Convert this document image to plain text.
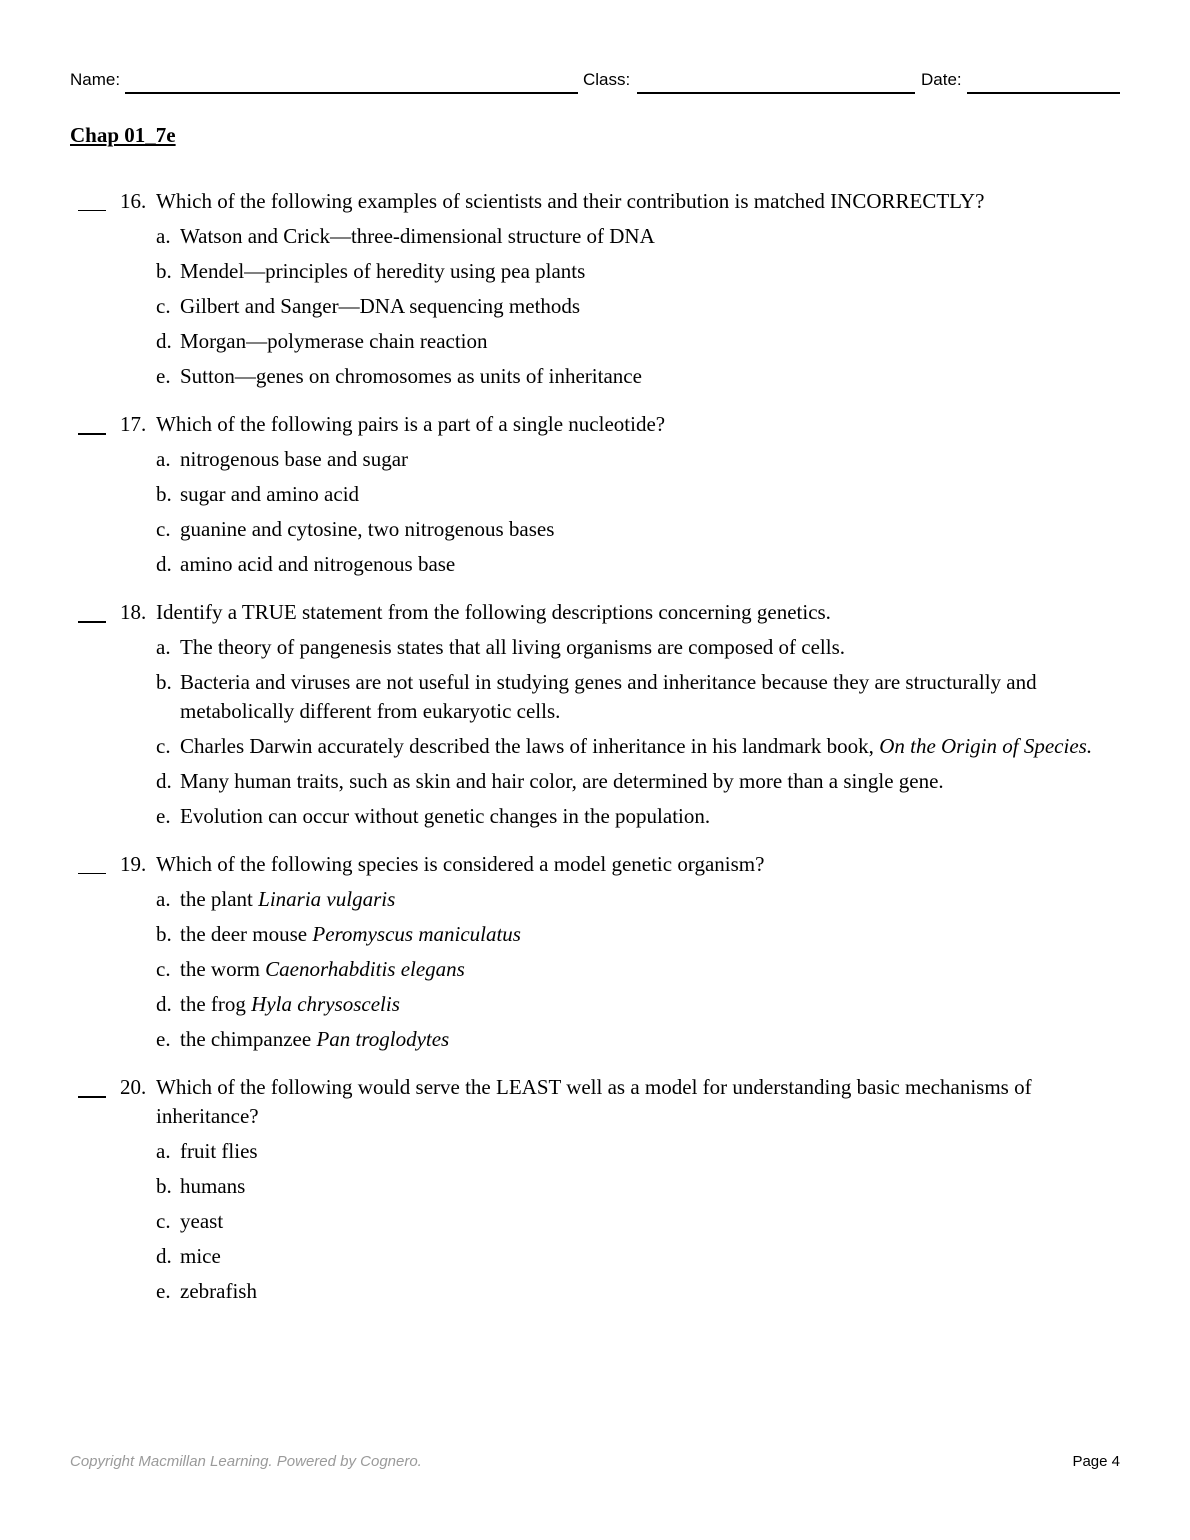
Name:	Class:	Date:
Chap 01_7e
16. Which of the following examples of scientists and their contribution is matched INCORRECTLY?
a. Watson and Crick—three-dimensional structure of DNA
b. Mendel—principles of heredity using pea plants
c. Gilbert and Sanger—DNA sequencing methods
d. Morgan—polymerase chain reaction
e. Sutton—genes on chromosomes as units of inheritance
17. Which of the following pairs is a part of a single nucleotide?
a. nitrogenous base and sugar
b. sugar and amino acid
c. guanine and cytosine, two nitrogenous bases
d. amino acid and nitrogenous base
18. Identify a TRUE statement from the following descriptions concerning genetics.
a. The theory of pangenesis states that all living organisms are composed of cells.
b. Bacteria and viruses are not useful in studying genes and inheritance because they are structurally and metabolically different from eukaryotic cells.
c. Charles Darwin accurately described the laws of inheritance in his landmark book, On the Origin of Species.
d. Many human traits, such as skin and hair color, are determined by more than a single gene.
e. Evolution can occur without genetic changes in the population.
19. Which of the following species is considered a model genetic organism?
a. the plant Linaria vulgaris
b. the deer mouse Peromyscus maniculatus
c. the worm Caenorhabditis elegans
d. the frog Hyla chrysoscelis
e. the chimpanzee Pan troglodytes
20. Which of the following would serve the LEAST well as a model for understanding basic mechanisms of inheritance?
a. fruit flies
b. humans
c. yeast
d. mice
e. zebrafish
Copyright Macmillan Learning. Powered by Cognero.	Page 4
